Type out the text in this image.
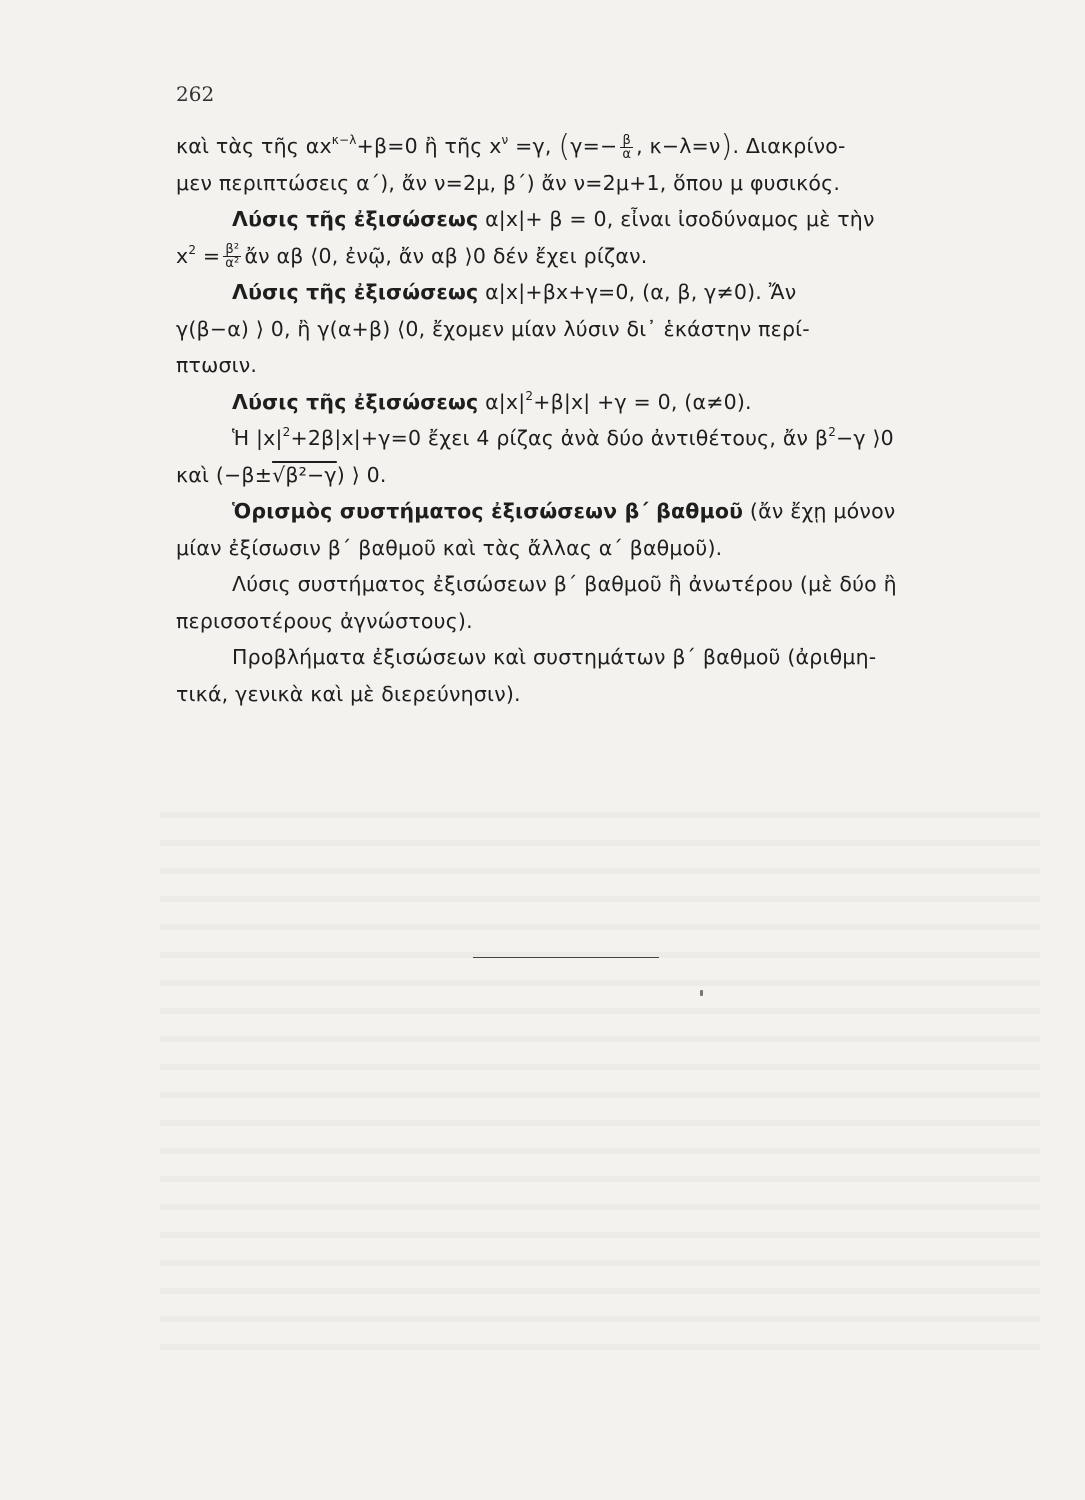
262
καὶ τὰς τῆς $\alpha x^{\kappa-\lambda}+\beta=0$ ἢ τῆς $x^\nu =\gamma$, ($\gamma=- \frac{\beta}{\alpha}$ , κ−λ=ν). Διακρίνο-
μεν περιπτώσεις α΄), ἄν ν=2μ, β΄) ἄν ν=2μ+1, ὅπου μ φυσικός.
Λύσις τῆς ἐξισώσεως α|x|+ β = 0, εἶναι ἰσοδύναμος μὲ τὴν
$x^2 = \frac{\text{β²}}{\text{α²}}$ ἄν αβ ⟨0, ἐνῷ, ἄν αβ ⟩0 δέν ἔχει ρίζαν.
Λύσις τῆς ἐξισώσεως α|x|+βx+γ=0, (α, β, γ≠0). Ἄν
γ(β−α) ⟩ 0, ἢ γ(α+β) ⟨0, ἔχομεν μίαν λύσιν δι᾽ ἑκάστην περί-
πτωσιν.
Λύσις τῆς ἐξισώσεως $\alpha|x|^2+\beta|x| +\gamma = 0$, (α≠0).
Ἡ $|x|^2+2\beta|x|+\gamma=0$ ἔχει 4 ρίζας ἀνὰ δύο ἀντιθέτους, ἄν $\beta^2-\gamma$ ⟩0
καὶ (−β±√β²−γ) ⟩ 0.
Ὁρισμὸς συστήματος ἐξισώσεων β΄ βαθμοῦ (ἄν ἔχῃ μόνον
μίαν ἐξίσωσιν β΄ βαθμοῦ καὶ τὰς ἄλλας α΄ βαθμοῦ).
Λύσις συστήματος ἐξισώσεων β΄ βαθμοῦ ἢ ἀνωτέρου (μὲ δύο ἢ
περισσοτέρους ἀγνώστους).
Προβλήματα ἐξισώσεων καὶ συστημάτων β΄ βαθμοῦ (ἀριθμη-
τικά, γενικὰ καὶ μὲ διερεύνησιν).
